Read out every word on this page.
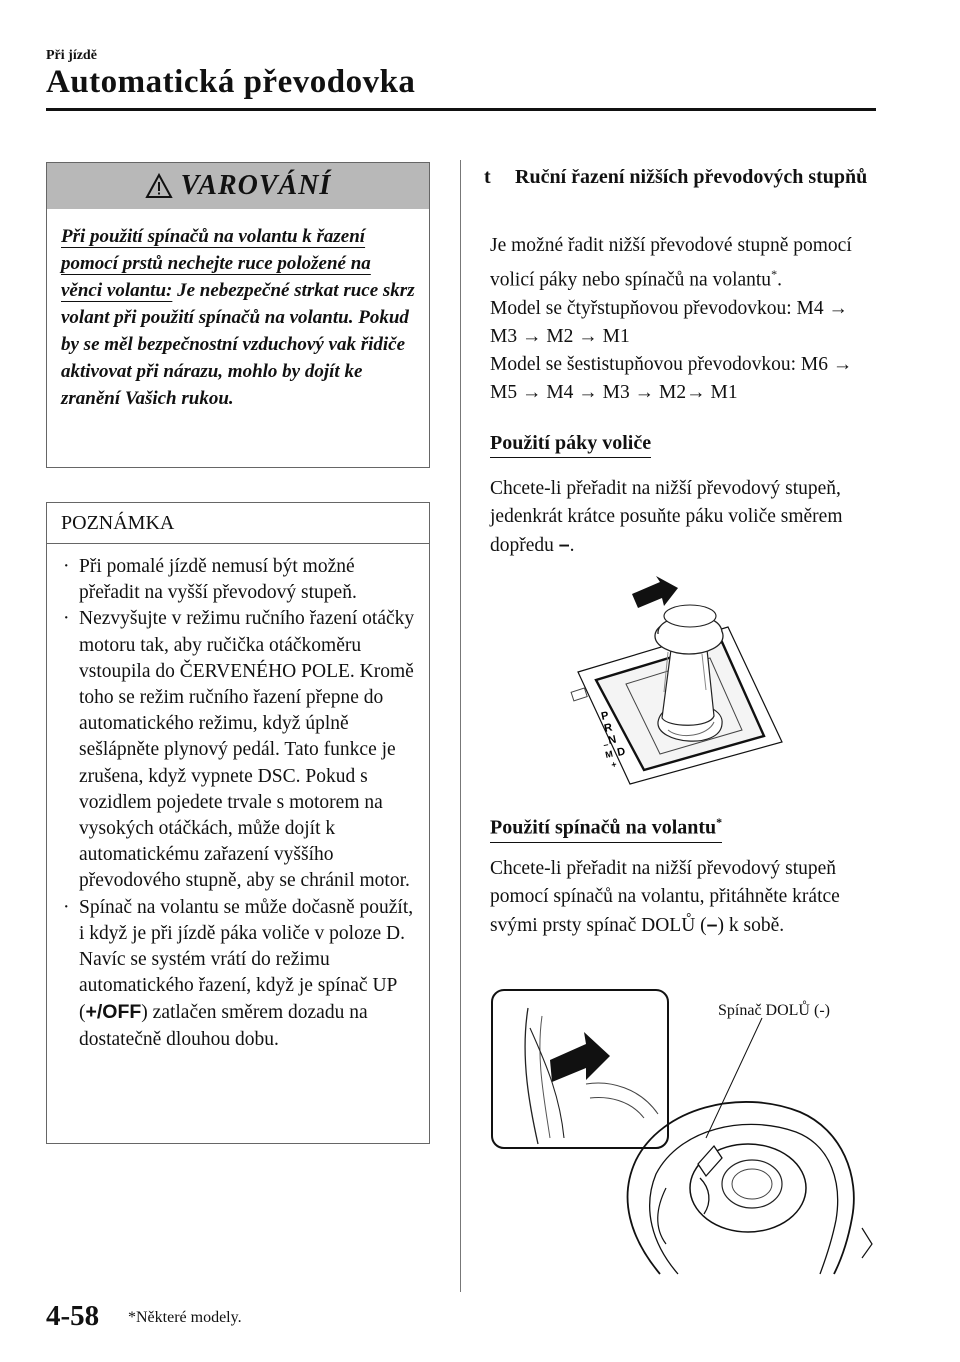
Při jízdě
Automatická převodovka
VAROVÁNÍ
Při použití spínačů na volantu k řazení pomocí prstů nechejte ruce položené na věnci volantu: Je nebezpečné strkat ruce skrz volant při použití spínačů na volantu. Pokud by se měl bezpečnostní vzduchový vak řidiče aktivovat při nárazu, mohlo by dojít ke zranění Vašich rukou.
POZNÁMKA
· Při pomalé jízdě nemusí být možné přeřadit na vyšší převodový stupeň.
· Nezvyšujte v režimu ručního řazení otáčky motoru tak, aby ručička otáčkoměru vstoupila do ČERVENÉHO POLE. Kromě toho se režim ručního řazení přepne do automatického režimu, když úplně sešlápněte plynový pedál. Tato funkce je zrušena, když vypnete DSC. Pokud s vozidlem pojedete trvale s motorem na vysokých otáčkách, může dojít k automatickému zařazení vyššího převodového stupně, aby se chránil motor.
· Spínač na volantu se může dočasně použít, i když je při jízdě páka voliče v poloze D. Navíc se systém vrátí do režimu automatického řazení, když je spínač UP (+/OFF) zatlačen směrem dozadu na dostatečně dlouhou dobu.
t	Ruční řazení nižších převodových stupňů
Je možné řadit nižší převodové stupně pomocí volicí páky nebo spínačů na volantu*.
Model se čtyřstupňovou převodovkou: M4 → M3 → M2 → M1
Model se šestistupňovou převodovkou: M6 → M5 → M4 → M3 → M2→ M1
Použití páky voliče
Chcete-li přeřadit na nižší převodový stupeň, jedenkrát krátce posuňte páku voliče směrem dopředu –.
P
R
N
D
M
–
+
Použití spínačů na volantu*
Chcete-li přeřadit na nižší převodový stupeň pomocí spínačů na volantu, přitáhněte krátce svými prsty spínač DOLŮ (–) k sobě.
Spínač DOLŮ (-)
4-58 *Některé modely.
